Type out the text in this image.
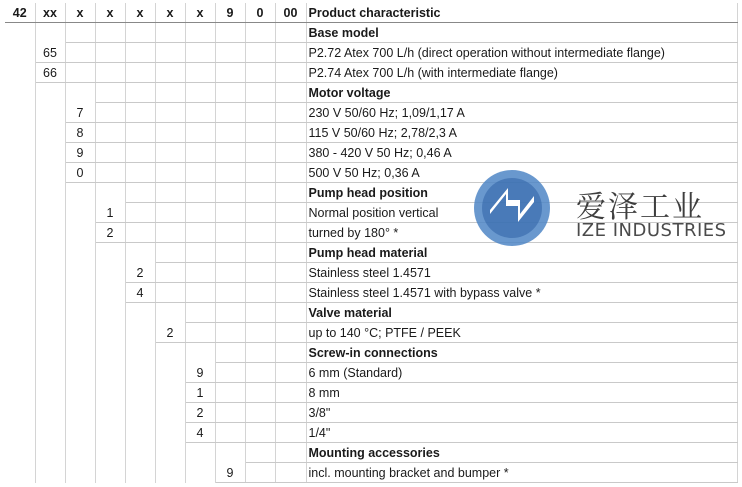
42	xx	x	x	x	x	x	9	0	00	Product characteristic
										Base model
	65									P2.72 Atex 700 L/h (direct operation without intermediate flange)
	66									P2.74 Atex 700 L/h (with intermediate flange)
										Motor voltage
		7								230 V 50/60 Hz; 1,09/1,17 A
		8								115 V 50/60 Hz; 2,78/2,3 A
		9								380 - 420 V 50 Hz; 0,46 A
		0								500 V 50 Hz; 0,36 A
										Pump head position
			1							Normal position vertical
			2							turned by 180° *
										Pump head material
				2						Stainless steel 1.4571
				4						Stainless steel 1.4571 with bypass valve *
										Valve material
					2					up to 140 °C; PTFE / PEEK
										Screw-in connections
						9				6 mm (Standard)
						1				8 mm
						2				3/8"
						4				1/4"
										Mounting accessories
							9			incl. mounting bracket and bumper *
爱泽工业
IZE INDUSTRIES
